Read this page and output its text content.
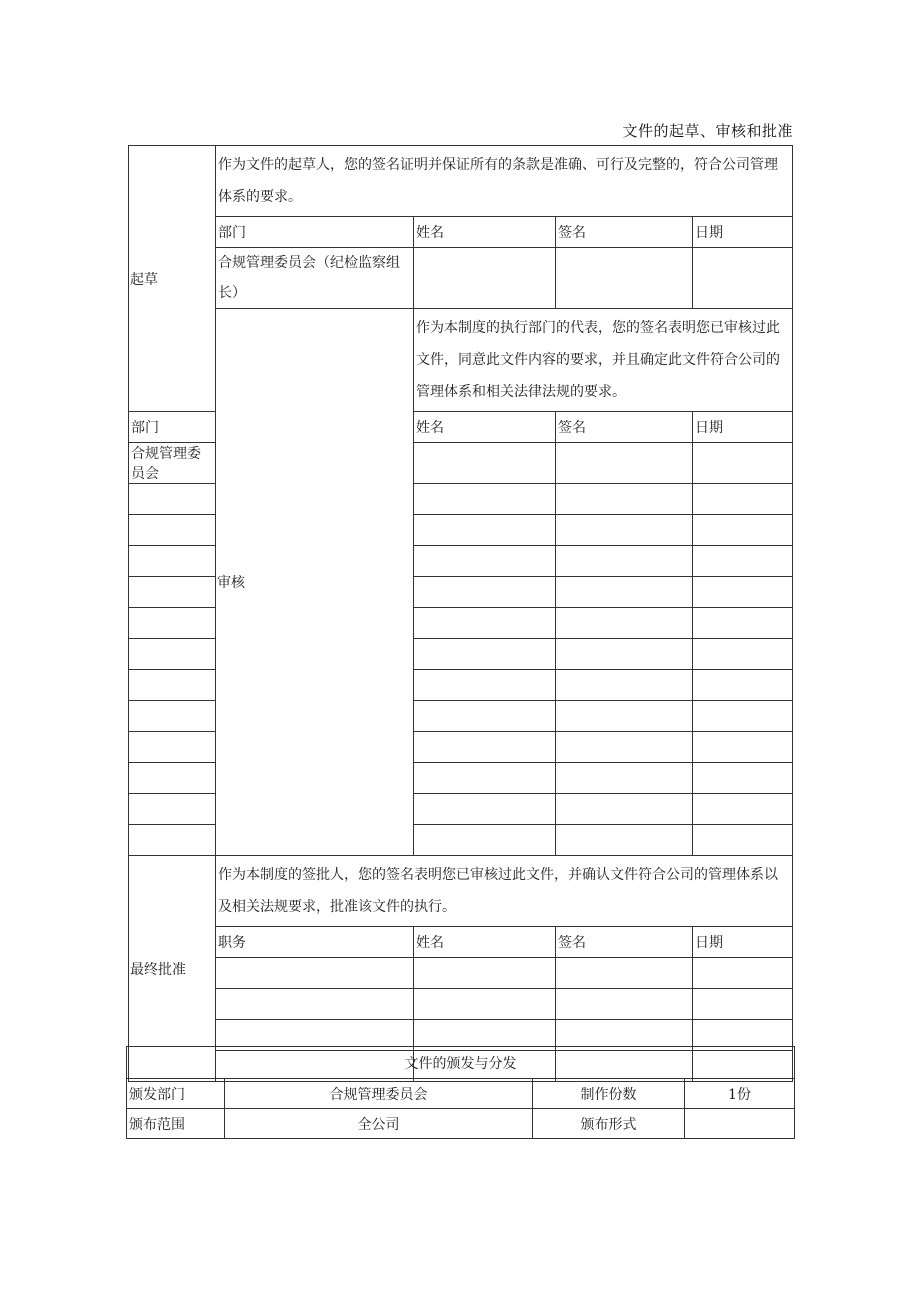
文件的起草、审核和批准
起草	作为文件的起草人，您的签名证明并保证所有的条款是准确、可行及完整的，符合公司管理体系的要求。			
	部门	姓名	签名	日期
	合规管理委员会（纪检监察组长）			
	审核	作为本制度的执行部门的代表，您的签名表明您已审核过此文件，同意此文件内容的要求，并且确定此文件符合公司的管理体系和相关法律法规的要求。		
部门		姓名	签名	日期
合规管理委员会				

最终批准	作为本制度的签批人，您的签名表明您已审核过此文件，并确认文件符合公司的管理体系以及相关法规要求，批准该文件的执行。			
	职务	姓名	签名	日期

文件的颁发与分发			
颁发部门	合规管理委员会	制作份数	1份
颁布范围	全公司	颁布形式	
